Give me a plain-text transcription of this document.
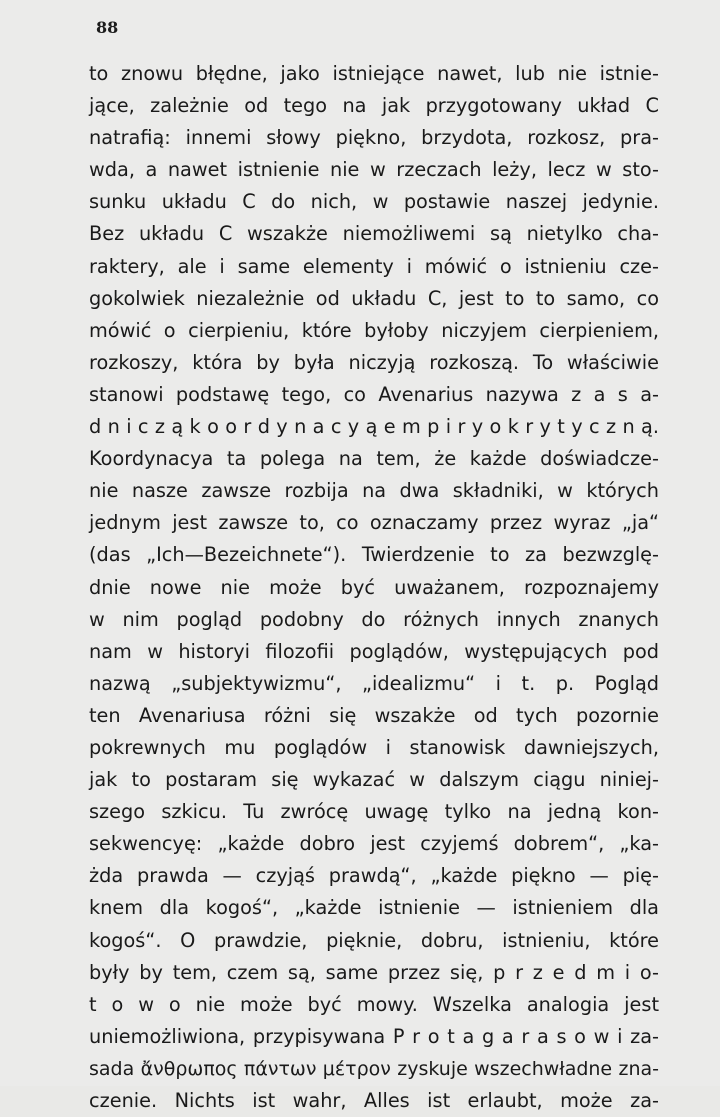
88
to znowu błędne, jako istniejące nawet, lub nie istnie-
jące, zależnie od tego na jak przygotowany układ C
natrafią: innemi słowy piękno, brzydota, rozkosz, pra-
wda, a nawet istnienie nie w rzeczach leży, lecz w sto-
sunku układu C do nich, w postawie naszej jedynie.
Bez układu C wszakże niemożliwemi są nietylko cha-
raktery, ale i same elementy i mówić o istnieniu cze-
gokolwiek niezależnie od układu C, jest to to samo, co
mówić o cierpieniu, które byłoby niczyjem cierpieniem,
rozkoszy, która by była niczyją rozkoszą. To właściwie
stanowi podstawę tego, co Avenarius nazywa z a s a-
d n i c z ą k o o r d y n a c y ą e m p i r y o k r y t y c z n ą.
Koordynacya ta polega na tem, że każde doświadcze-
nie nasze zawsze rozbija na dwa składniki, w których
jednym jest zawsze to, co oznaczamy przez wyraz „ja“
(das „Ich—Bezeichnete“). Twierdzenie to za bezwzglę-
dnie nowe nie może być uważanem, rozpoznajemy
w nim pogląd podobny do różnych innych znanych
nam w historyi filozofii poglądów, występujących pod
nazwą „subjektywizmu“, „idealizmu“ i t. p. Pogląd
ten Avenariusa różni się wszakże od tych pozornie
pokrewnych mu poglądów i stanowisk dawniejszych,
jak to postaram się wykazać w dalszym ciągu niniej-
szego szkicu. Tu zwrócę uwagę tylko na jedną kon-
sekwencyę: „każde dobro jest czyjemś dobrem“, „ka-
żda prawda — czyjąś prawdą“, „każde piękno — pię-
knem dla kogoś“, „każde istnienie — istnieniem dla
kogoś“. O prawdzie, pięknie, dobru, istnieniu, które
były by tem, czem są, same przez się, p r z e d m i o-
t o w o nie może być mowy. Wszelka analogia jest
uniemożliwiona, przypisywana P r o t a g a r a s o w i za-
sada ἄνθρωπος πάντων μέτρον zyskuje wszechwładne zna-
czenie. Nichts ist wahr, Alles ist erlaubt, może za-
